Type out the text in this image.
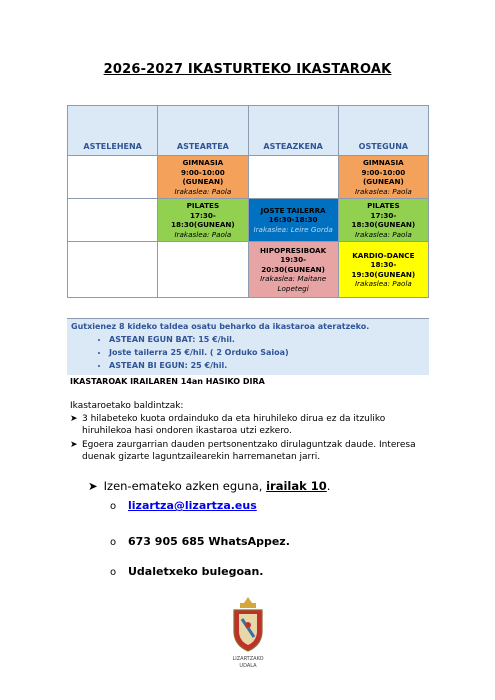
2026-2027 IKASTURTEKO IKASTAROAK
ASTELEHENA	ASTEARTEA	ASTEAZKENA	OSTEGUNA

	GIMNASIA
9:00-10:00
(GUNEAN)
Irakaslea: Paola		GIMNASIA
9:00-10:00
(GUNEAN)
Irakaslea: Paola

	PILATES
17:30-
18:30(GUNEAN)
Irakaslea: Paola	JOSTE TAILERRA
16:30-18:30
Irakaslea: Leire Gorda	PILATES
17:30-
18:30(GUNEAN)
Irakaslea: Paola

		HIPOPRESIBOAK
19:30-
20:30(GUNEAN)
Irakaslea: Maitane
Lopetegi	KARDIO-DANCE
18:30-
19:30(GUNEAN)
Irakaslea: Paola
Gutxienez 8 kideko taldea osatu beharko da ikastaroa ateratzeko.
• ASTEAN EGUN BAT: 15 €/hil.
• Joste tailerra 25 €/hil. ( 2 Orduko Saioa)
• ASTEAN BI EGUN: 25 €/hil.
IKASTAROAK IRAILAREN 14an HASIKO DIRA
Ikastaroetako baldintzak:
➤ 3 hilabeteko kuota ordainduko da eta hiruhileko dirua ez da itzuliko hiruhilekoa hasi ondoren ikastaroa utzi ezkero.
➤ Egoera zaurgarrian dauden pertsonentzako dirulaguntzak daude. Interesa duenak gizarte laguntzailearekin harremanetan jarri.
➤ Izen-emateko azken eguna, irailak 10.
o lizartza@lizartza.eus
o 673 905 685 WhatsAppez.
o Udaletxeko bulegoan.
LIZARTZAKO
UDALA
